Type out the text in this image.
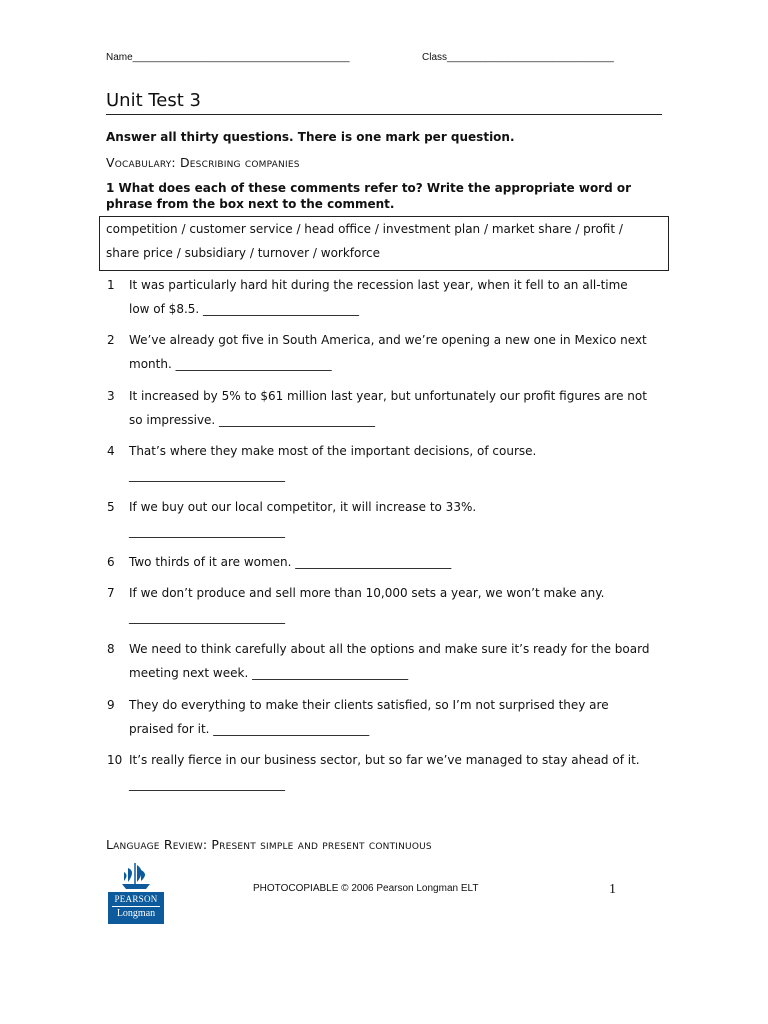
Name_______________________________________	Class______________________________
Unit Test 3
Answer all thirty questions. There is one mark per question.
Vocabulary: Describing companies
1 What does each of these comments refer to? Write the appropriate word or phrase from the box next to the comment.
competition / customer service / head office / investment plan / market share / profit /
share price / subsidiary / turnover / workforce
1 It was particularly hard hit during the recession last year, when it fell to an all-time
low of $8.5. __________________________
2 We’ve already got five in South America, and we’re opening a new one in Mexico next
month. __________________________
3 It increased by 5% to $61 million last year, but unfortunately our profit figures are not
so impressive. __________________________
4 That’s where they make most of the important decisions, of course.
__________________________
5 If we buy out our local competitor, it will increase to 33%.
__________________________
6 Two thirds of it are women. __________________________
7 If we don’t produce and sell more than 10,000 sets a year, we won’t make any.
__________________________
8 We need to think carefully about all the options and make sure it’s ready for the board
meeting next week. __________________________
9 They do everything to make their clients satisfied, so I’m not surprised they are
praised for it. __________________________
10 It’s really fierce in our business sector, but so far we’ve managed to stay ahead of it.
__________________________
Language Review: Present simple and present continuous
PEARSON
Longman
PHOTOCOPIABLE © 2006 Pearson Longman ELT	1
